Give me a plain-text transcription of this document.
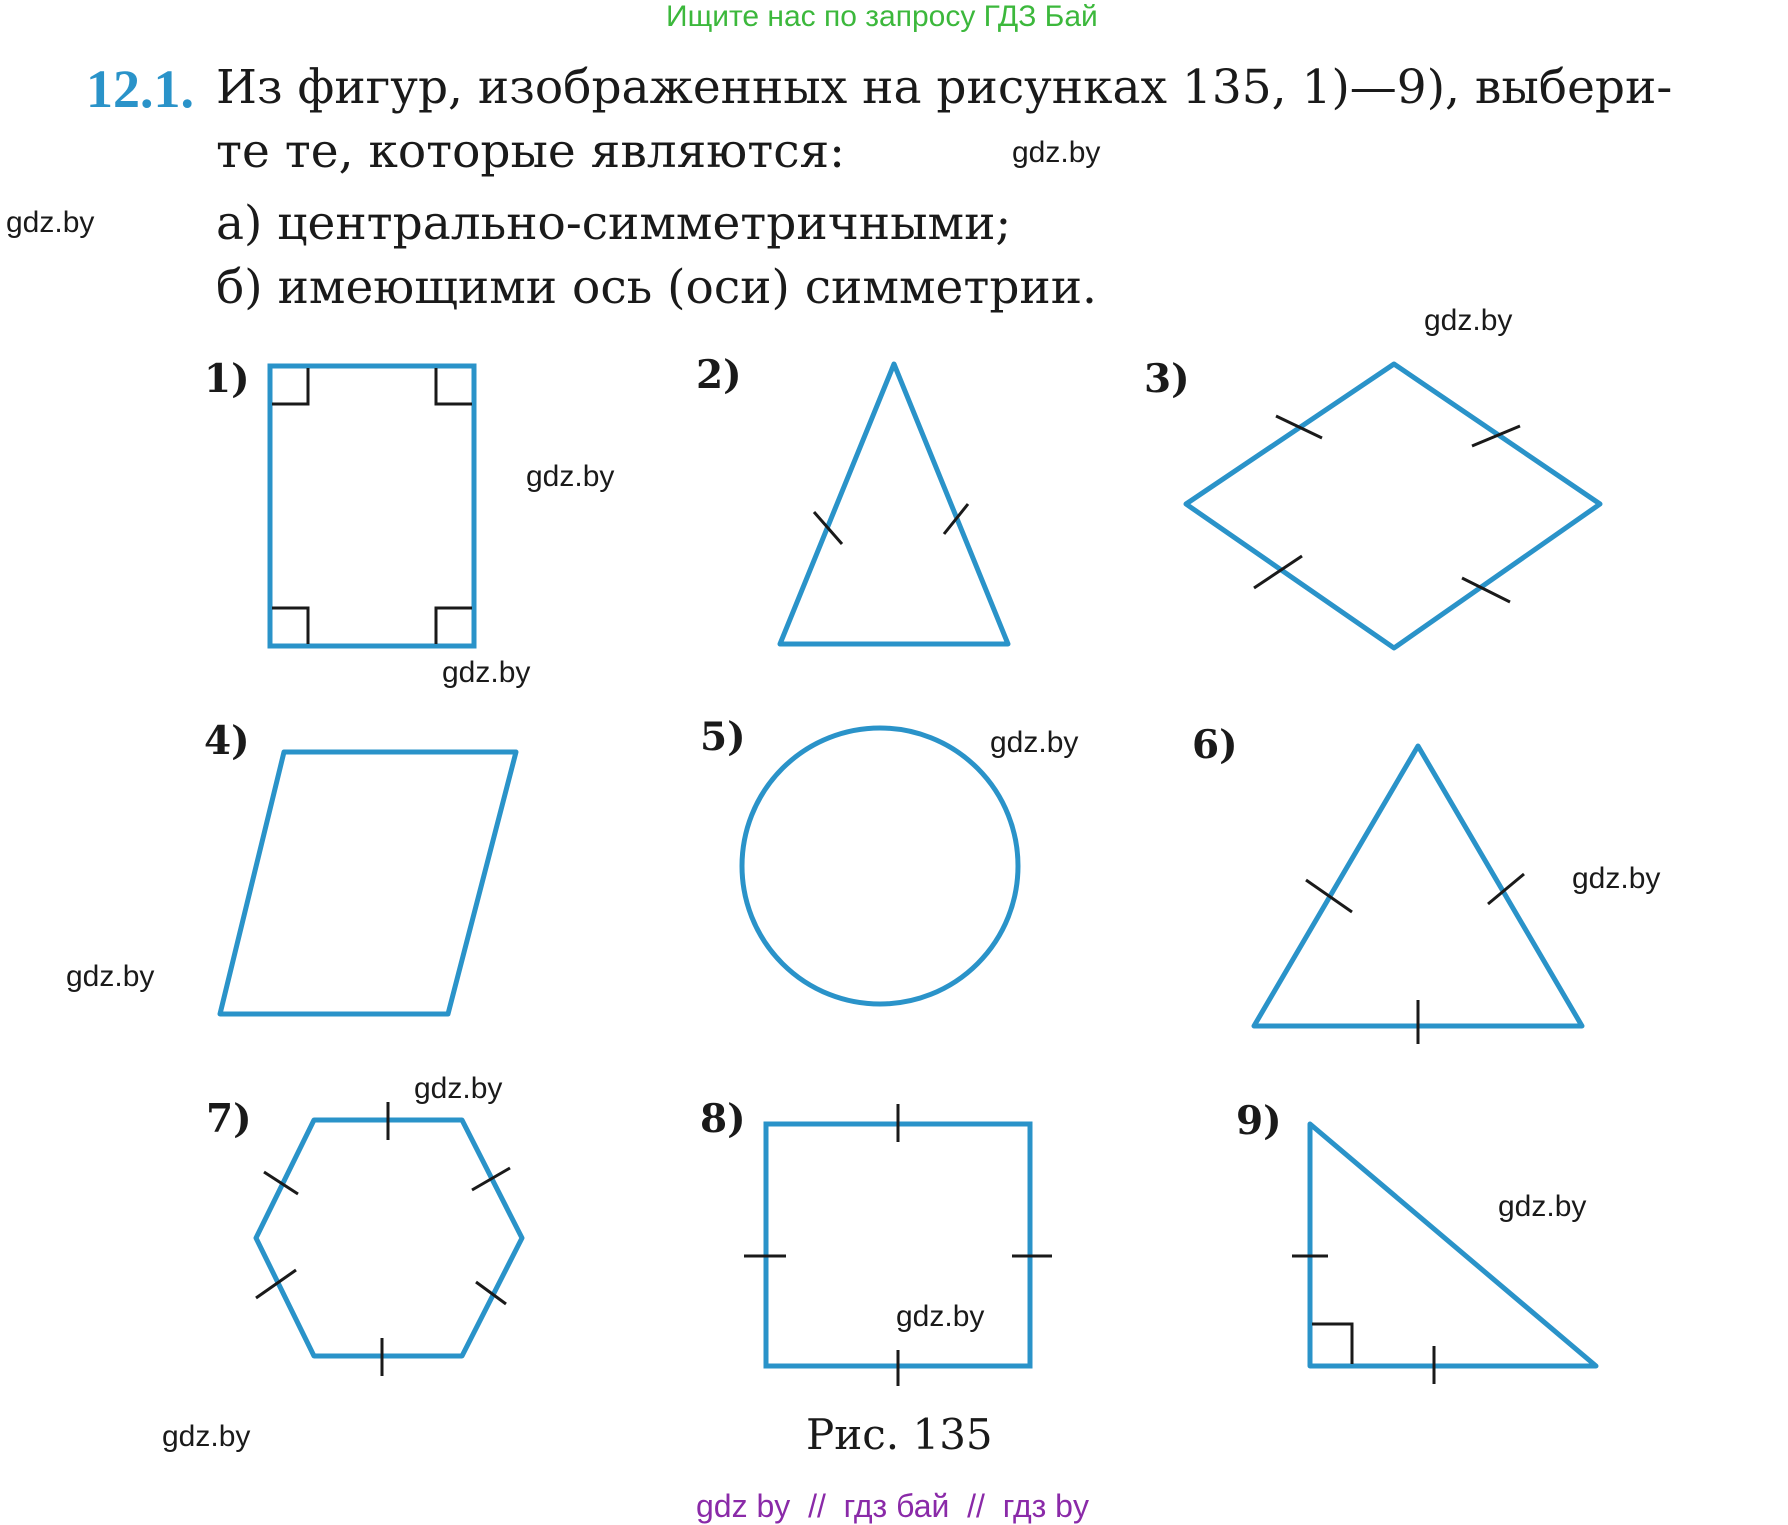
Ищите нас по запросу ГДЗ Бай
12.1. Из фигур, изображенных на рисунках 135, 1)—9), выбери-
те те, которые являются:
а) центрально-симметричными;
б) имеющими ось (оси) симметрии.
gdz.by
gdz.by
gdz.by
gdz.by
gdz.by
gdz.by
gdz.by
gdz.by
gdz.by
gdz.by
gdz.by
gdz.by
1)	2)	3)
4)	5)	6)
7)	8)	9)
Рис. 135
gdz by  //  гдз бай  //  гдз by
